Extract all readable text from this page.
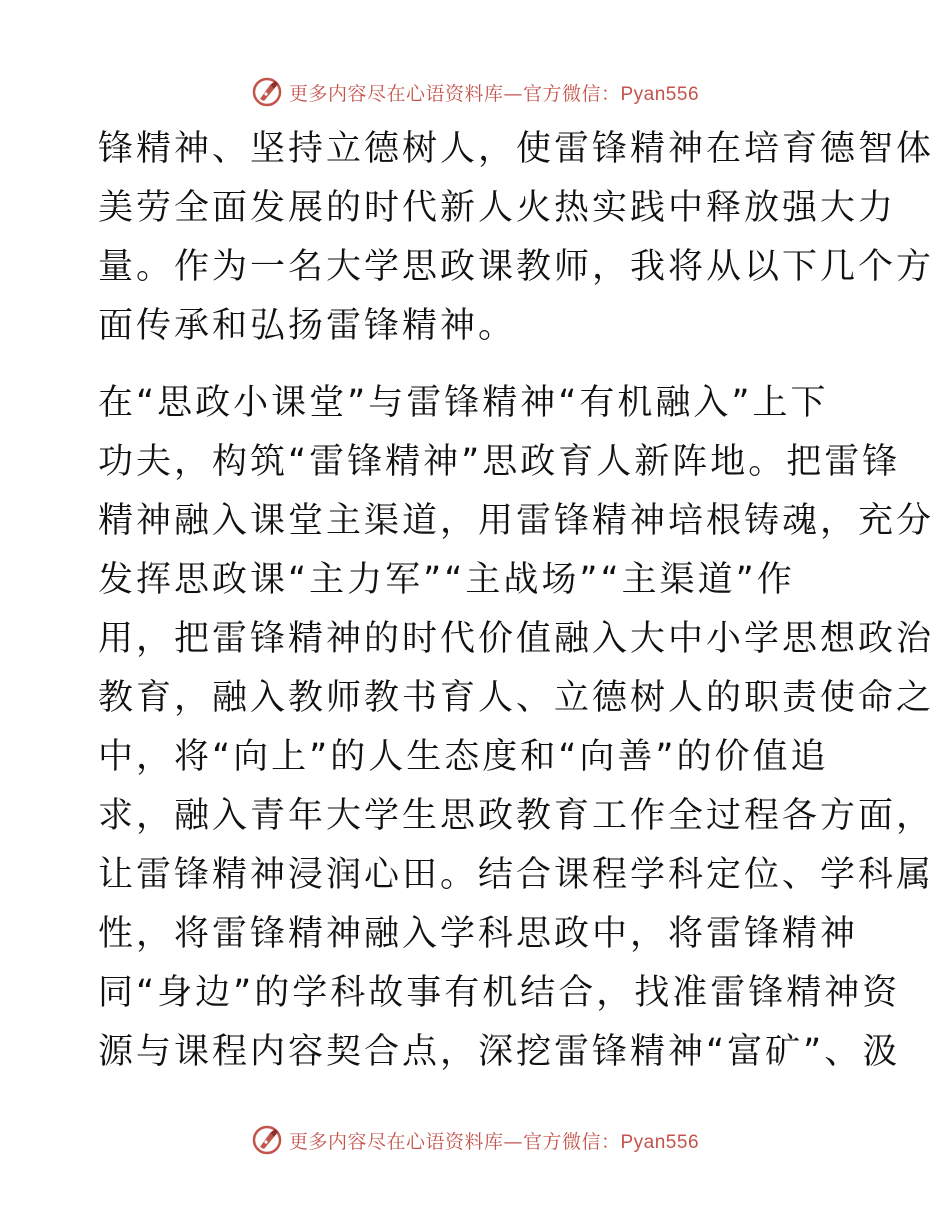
更多内容尽在心语资料库—官方微信：Pyan556
锋精神、坚持立德树人，使雷锋精神在培育德智体
美劳全面发展的时代新人火热实践中释放强大力
量。作为一名大学思政课教师，我将从以下几个方
面传承和弘扬雷锋精神。
在“思政小课堂”与雷锋精神“有机融入”上下
功夫，构筑“雷锋精神”思政育人新阵地。把雷锋
精神融入课堂主渠道，用雷锋精神培根铸魂，充分
发挥思政课“主力军”“主战场”“主渠道”作
用，把雷锋精神的时代价值融入大中小学思想政治
教育，融入教师教书育人、立德树人的职责使命之
中，将“向上”的人生态度和“向善”的价值追
求，融入青年大学生思政教育工作全过程各方面，
让雷锋精神浸润心田。结合课程学科定位、学科属
性，将雷锋精神融入学科思政中，将雷锋精神
同“身边”的学科故事有机结合，找准雷锋精神资
源与课程内容契合点，深挖雷锋精神“富矿”、汲
更多内容尽在心语资料库—官方微信：Pyan556
